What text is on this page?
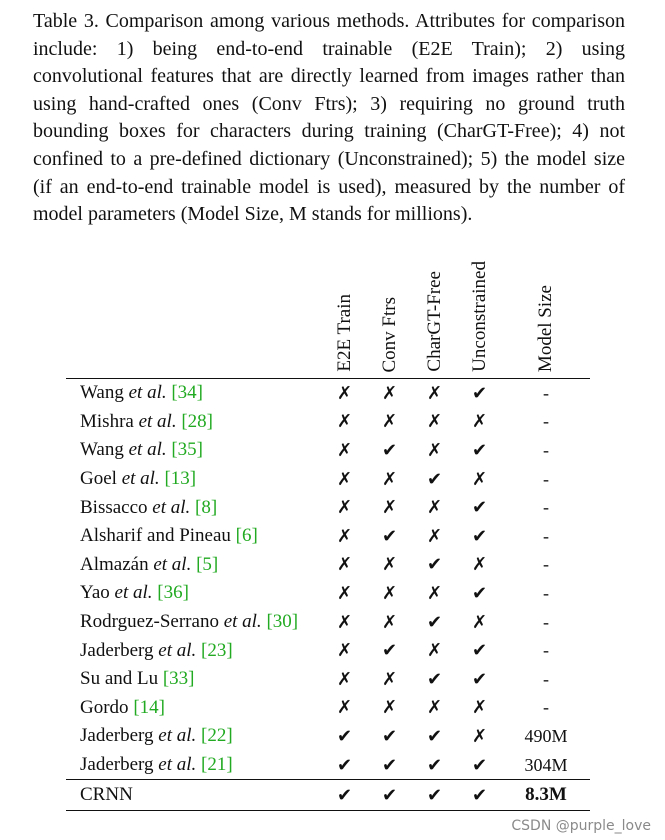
Table 3. Comparison among various methods. Attributes for comparison include: 1) being end-to-end trainable (E2E Train); 2) using convolutional features that are directly learned from images rather than using hand-crafted ones (Conv Ftrs); 3) requiring no ground truth bounding boxes for characters during training (CharGT-Free); 4) not confined to a pre-defined dictionary (Unconstrained); 5) the model size (if an end-to-end trainable model is used), measured by the number of model parameters (Model Size, M stands for millions).
	E2E Train	Conv Ftrs	CharGT-Free	Unconstrained	Model Size
Wang et al. [34]	✗	✗	✗	✔	-
Mishra et al. [28]	✗	✗	✗	✗	-
Wang et al. [35]	✗	✔	✗	✔	-
Goel et al. [13]	✗	✗	✔	✗	-
Bissacco et al. [8]	✗	✗	✗	✔	-
Alsharif and Pineau [6]	✗	✔	✗	✔	-
Almazán et al. [5]	✗	✗	✔	✗	-
Yao et al. [36]	✗	✗	✗	✔	-
Rodrguez-Serrano et al. [30]	✗	✗	✔	✗	-
Jaderberg et al. [23]	✗	✔	✗	✔	-
Su and Lu [33]	✗	✗	✔	✔	-
Gordo [14]	✗	✗	✗	✗	-
Jaderberg et al. [22]	✔	✔	✔	✗	490M
Jaderberg et al. [21]	✔	✔	✔	✔	304M
CRNN	✔	✔	✔	✔	8.3M
CSDN @purple_love
